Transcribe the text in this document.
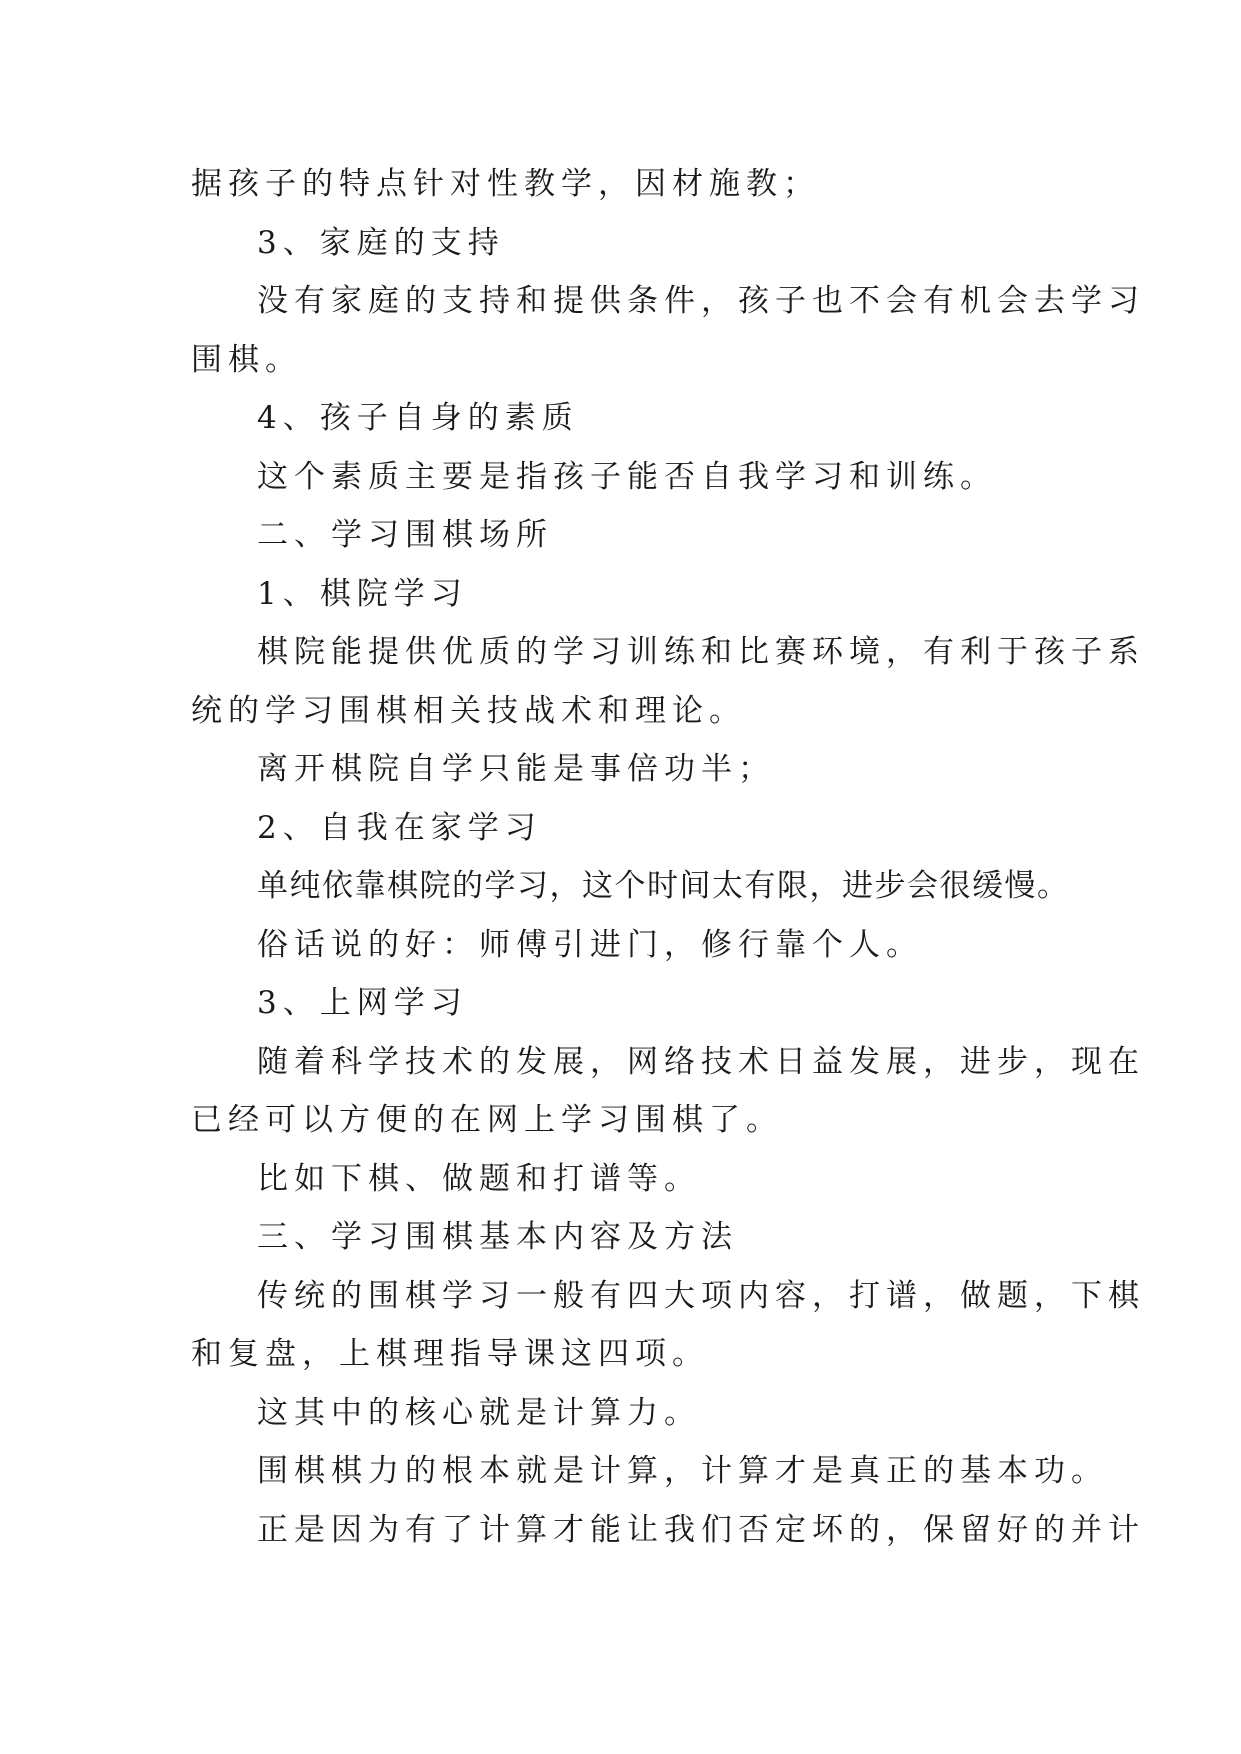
据孩子的特点针对性教学，因材施教；
3、家庭的支持
没有家庭的支持和提供条件，孩子也不会有机会去学习
围棋。
4、孩子自身的素质
这个素质主要是指孩子能否自我学习和训练。
二、学习围棋场所
1、棋院学习
棋院能提供优质的学习训练和比赛环境，有利于孩子系
统的学习围棋相关技战术和理论。
离开棋院自学只能是事倍功半；
2、自我在家学习
单纯依靠棋院的学习，这个时间太有限，进步会很缓慢。
俗话说的好：师傅引进门，修行靠个人。
3、上网学习
随着科学技术的发展，网络技术日益发展，进步，现在
已经可以方便的在网上学习围棋了。
比如下棋、做题和打谱等。
三、学习围棋基本内容及方法
传统的围棋学习一般有四大项内容，打谱，做题，下棋
和复盘，上棋理指导课这四项。
这其中的核心就是计算力。
围棋棋力的根本就是计算，计算才是真正的基本功。
正是因为有了计算才能让我们否定坏的，保留好的并计
